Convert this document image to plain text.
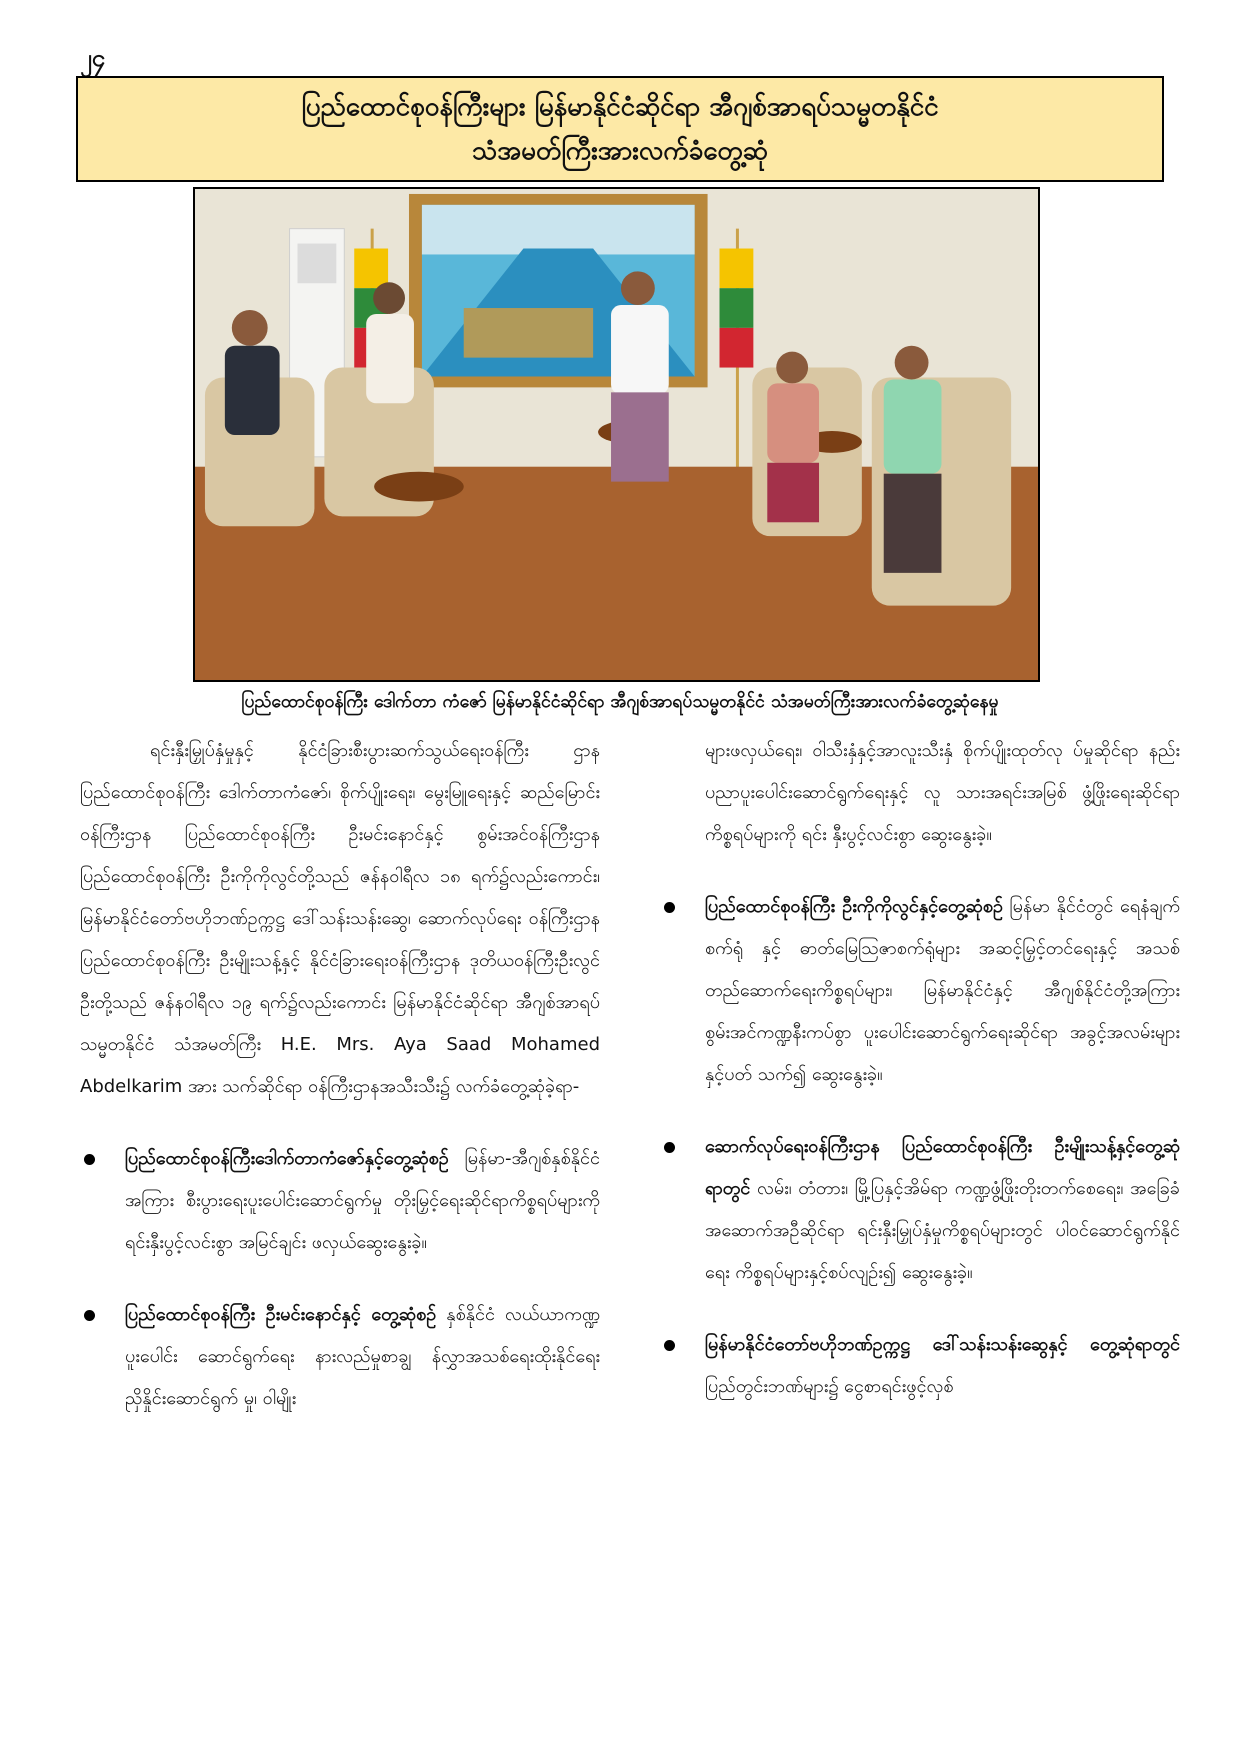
၂၄
ပြည်ထောင်စုဝန်ကြီးများ မြန်မာနိုင်ငံဆိုင်ရာ အီဂျစ်အာရပ်သမ္မတနိုင်ငံ
သံအမတ်ကြီးအားလက်ခံတွေ့ဆုံ
ပြည်ထောင်စုဝန်ကြီး ဒေါက်တာ ကံဇော် မြန်မာနိုင်ငံဆိုင်ရာ အီဂျစ်အာရပ်သမ္မတနိုင်ငံ သံအမတ်ကြီးအားလက်ခံတွေ့ဆုံနေမှု

ရင်းနှီးမြှုပ်နှံမှုနှင့် နိုင်ငံခြားစီးပွားဆက်သွယ်ရေးဝန်ကြီး ဌာန ပြည်ထောင်စုဝန်ကြီး ဒေါက်တာကံဇော်၊ စိုက်ပျိုးရေး၊ မွေးမြူရေးနှင့် ဆည်မြောင်းဝန်ကြီးဌာန ပြည်ထောင်စုဝန်ကြီး ဦးမင်းနောင်နှင့် စွမ်းအင်ဝန်ကြီးဌာန ပြည်ထောင်စုဝန်ကြီး ဦးကိုကိုလွင်တို့သည် ဇန်နဝါရီလ ၁၈ ရက်၌လည်းကောင်း၊ မြန်မာနိုင်ငံတော်ဗဟိုဘဏ်ဥက္ကဋ္ဌ ဒေါ်သန်းသန်းဆွေ၊ ဆောက်လုပ်ရေး ဝန်ကြီးဌာန ပြည်ထောင်စုဝန်ကြီး ဦးမျိုးသန့်နှင့် နိုင်ငံခြားရေးဝန်ကြီးဌာန ဒုတိယဝန်ကြီးဦးလွင်ဦးတို့သည် ဇန်နဝါရီလ ၁၉ ရက်၌လည်းကောင်း မြန်မာနိုင်ငံဆိုင်ရာ အီဂျစ်အာရပ်သမ္မတနိုင်ငံ သံအမတ်ကြီး H.E. Mrs. Aya Saad Mohamed Abdelkarim အား သက်ဆိုင်ရာ ဝန်ကြီးဌာနအသီးသီး၌ လက်ခံတွေ့ဆုံခဲ့ရာ-

ပြည်ထောင်စုဝန်ကြီးဒေါက်တာကံဇော်နှင့်တွေ့ဆုံစဉ် မြန်မာ-အီဂျစ်နှစ်နိုင်ငံအကြား စီးပွားရေးပူးပေါင်းဆောင်ရွက်မှု တိုးမြှင့်ရေးဆိုင်ရာကိစ္စရပ်များကို ရင်းနှီးပွင့်လင်းစွာ အမြင်ချင်း ဖလှယ်ဆွေးနွေးခဲ့။
ပြည်ထောင်စုဝန်ကြီး ဦးမင်းနောင်နှင့် တွေ့ဆုံစဉ် နှစ်နိုင်ငံ လယ်ယာကဏ္ဍပူးပေါင်း ဆောင်ရွက်ရေး နားလည်မှုစာချွ န်လွှာအသစ်ရေးထိုးနိုင်ရေး ညှိနှိုင်းဆောင်ရွက် မှု၊ ဝါမျိုး

များဖလှယ်ရေး၊ ဝါသီးနှံနှင့်အာလူးသီးနှံ စိုက်ပျိုးထုတ်လု ပ်မှုဆိုင်ရာ နည်းပညာပူးပေါင်းဆောင်ရွက်ရေးနှင့် လူ သားအရင်းအမြစ် ဖွံ့ဖြိုးရေးဆိုင်ရာ ကိစ္စရပ်များကို ရင်း နှီးပွင့်လင်းစွာ ဆွေးနွေးခဲ့။

ပြည်ထောင်စုဝန်ကြီး ဦးကိုကိုလွင်နှင့်တွေ့ဆုံစဉ် မြန်မာ နိုင်ငံတွင် ရေနံချက်စက်ရုံ နှင့် ဓာတ်မြေသြဇာစက်ရုံများ အဆင့်မြှင့်တင်ရေးနှင့် အသစ်တည်ဆောက်ရေးကိစ္စရပ်များ၊ မြန်မာနိုင်ငံနှင့် အီဂျစ်နိုင်ငံတို့အကြား စွမ်းအင်ကဏ္ဍနီးကပ်စွာ ပူးပေါင်းဆောင်ရွက်ရေးဆိုင်ရာ အခွင့်အလမ်းများနှင့်ပတ် သက်၍ ဆွေးနွေးခဲ့။
ဆောက်လုပ်ရေးဝန်ကြီးဌာန ပြည်ထောင်စုဝန်ကြီး ဦးမျိုးသန့်နှင့်တွေ့ဆုံရာတွင် လမ်း၊ တံတား၊ မြို့ပြနှင့်အိမ်ရာ ကဏ္ဍဖွံ့ဖြိုးတိုးတက်စေရေး၊ အခြေခံအဆောက်အဦဆိုင်ရာ ရင်းနှီးမြှုပ်နှံမှုကိစ္စရပ်များတွင် ပါဝင်ဆောင်ရွက်နိုင်ရေး ကိစ္စရပ်များနှင့်စပ်လျဉ်း၍ ဆွေးနွေးခဲ့။
မြန်မာနိုင်ငံတော်ဗဟိုဘဏ်ဥက္ကဋ္ဌ ဒေါ်သန်းသန်းဆွေနှင့် တွေ့ဆုံရာတွင် ပြည်တွင်းဘဏ်များ၌ ငွေစာရင်းဖွင့်လှစ်
